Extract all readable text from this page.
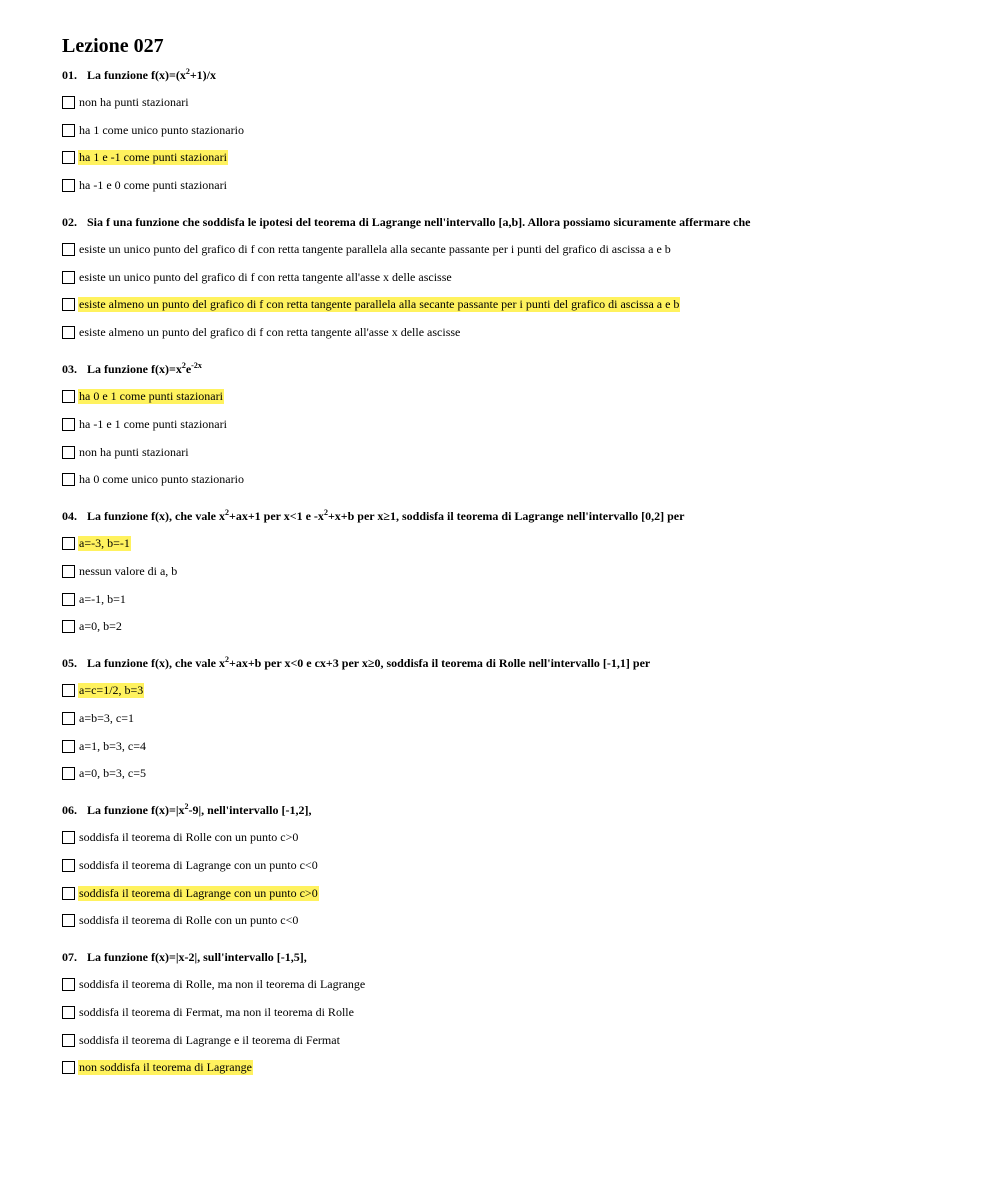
Lezione 027
01. La funzione $f(x)=(x^2+1)/x$
non ha punti stazionari
ha 1 come unico punto stazionario
ha 1 e -1 come punti stazionari
ha -1 e 0 come punti stazionari
02. Sia f una funzione che soddisfa le ipotesi del teorema di Lagrange nell'intervallo [a,b]. Allora possiamo sicuramente affermare che
esiste un unico punto del grafico di f con retta tangente parallela alla secante passante per i punti del grafico di ascissa a e b
esiste un unico punto del grafico di f con retta tangente all'asse x delle ascisse
esiste almeno un punto del grafico di f con retta tangente parallela alla secante passante per i punti del grafico di ascissa a e b
esiste almeno un punto del grafico di f con retta tangente all'asse x delle ascisse
03. La funzione $f(x)=x^2e^{-2x}$
ha 0 e 1 come punti stazionari
ha -1 e 1 come punti stazionari
non ha punti stazionari
ha 0 come unico punto stazionario
04. La funzione f(x), che vale $x^2+ax+1$ per x<1 e $-x^2+x+b$ per x≥1, soddisfa il teorema di Lagrange nell'intervallo [0,2] per
a=-3, b=-1
nessun valore di a, b
a=-1, b=1
a=0, b=2
05. La funzione f(x), che vale $x^2+ax+b$ per x<0 e cx+3 per x≥0, soddisfa il teorema di Rolle nell'intervallo [-1,1] per
a=c=1/2, b=3
a=b=3, c=1
a=1, b=3, c=4
a=0, b=3, c=5
06. La funzione $f(x)=|x^2-9|$, nell'intervallo [-1,2],
soddisfa il teorema di Rolle con un punto c>0
soddisfa il teorema di Lagrange con un punto c<0
soddisfa il teorema di Lagrange con un punto c>0
soddisfa il teorema di Rolle con un punto c<0
07. La funzione f(x)=|x-2|, sull'intervallo [-1,5],
soddisfa il teorema di Rolle, ma non il teorema di Lagrange
soddisfa il teorema di Fermat, ma non il teorema di Rolle
soddisfa il teorema di Lagrange e il teorema di Fermat
non soddisfa il teorema di Lagrange
